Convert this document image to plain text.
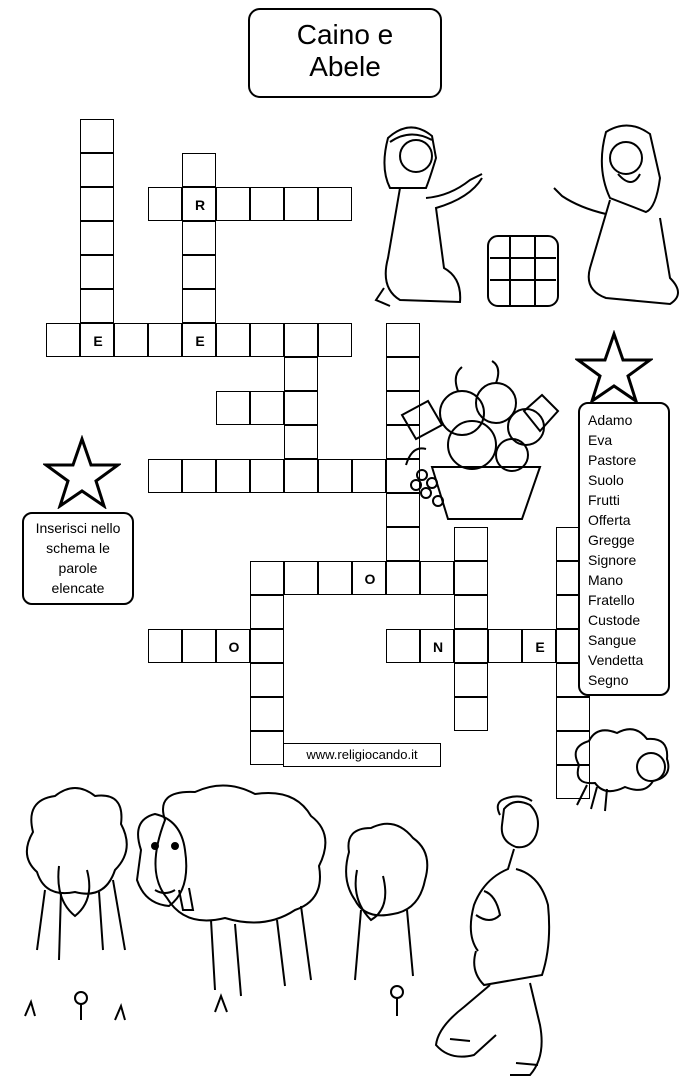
Caino e
Abele
R
E	E
O
O	N	E
Inserisci nello
schema le
parole
elencate
Adamo
Eva
Pastore
Suolo
Frutti
Offerta
Gregge
Signore
Mano
Fratello
Custode
Sangue
Vendetta
Segno
www.religiocando.it
